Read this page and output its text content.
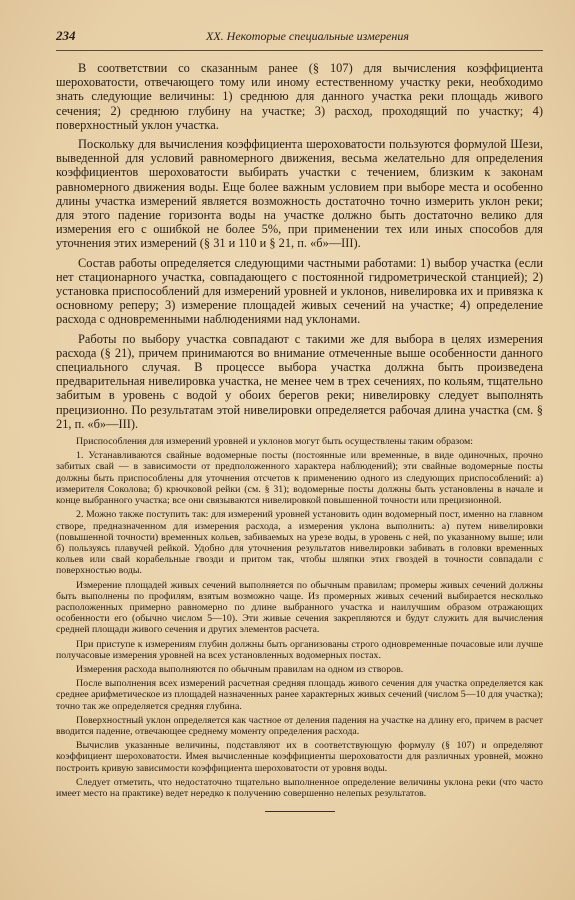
234	XX. Некоторые специальные измерения

В соответствии со сказанным ранее (§ 107) для вычисления коэффициента шероховатости, отвечающего тому или иному естественному участку реки, необходимо знать следующие величины: 1) среднюю для данного участка реки площадь живого сечения; 2) среднюю глубину на участке; 3) расход, проходящий по участку; 4) поверхностный уклон участка.

Поскольку для вычисления коэффициента шероховатости пользуются формулой Шези, выведенной для условий равномерного движения, весьма желательно для определения коэффициентов шероховатости выбирать участки с течением, близким к законам равномерного движения воды. Еще более важным условием при выборе места и особенно длины участка измерений является возможность достаточно точно измерить уклон реки; для этого падение горизонта воды на участке должно быть достаточно велико для измерения его с ошибкой не более 5%, при применении тех или иных способов для уточнения этих измерений (§ 31 и 110 и § 21, п. «б»—III).

Состав работы определяется следующими частными работами: 1) выбор участка (если нет стационарного участка, совпадающего с постоянной гидрометрической станцией); 2) установка приспособлений для измерений уровней и уклонов, нивелировка их и привязка к основному реперу; 3) измерение площадей живых сечений на участке; 4) определение расхода с одновременными наблюдениями над уклонами.

Работы по выбору участка совпадают с такими же для выбора в целях измерения расхода (§ 21), причем принимаются во внимание отмеченные выше особенности данного специального случая. В процессе выбора участка должна быть произведена предварительная нивелировка участка, не менее чем в трех сечениях, по кольям, тщательно забитым в уровень с водой у обоих берегов реки; нивелировку следует выполнять прецизионно. По результатам этой нивелировки определяется рабочая длина участка (см. § 21, п. «б»—III).

Приспособления для измерений уровней и уклонов могут быть осуществлены таким образом:

1. Устанавливаются свайные водомерные посты (постоянные или временные, в виде одиночных, прочно забитых свай — в зависимости от предположенного характера наблюдений); эти свайные водомерные посты должны быть приспособлены для уточнения отсчетов к применению одного из следующих приспособлений: а) измерителя Соколова; б) крючковой рейки (см. § 31); водомерные посты должны быть установлены в начале и конце выбранного участка; все они связываются нивелировкой повышенной точности или прецизионной.

2. Можно также поступить так: для измерений уровней установить один водомерный пост, именно на главном створе, предназначенном для измерения расхода, а измерения уклона выполнить: а) путем нивелировки (повышенной точности) временных кольев, забиваемых на урезе воды, в уровень с ней, по указанному выше; или б) пользуясь плавучей рейкой. Удобно для уточнения результатов нивелировки забивать в головки временных кольев или свай корабельные гвозди и притом так, чтобы шляпки этих гвоздей в точности совпадали с поверхностью воды.

Измерение площадей живых сечений выполняется по обычным правилам; промеры живых сечений должны быть выполнены по профилям, взятым возможно чаще. Из промерных живых сечений выбирается несколько расположенных примерно равномерно по длине выбранного участка и наилучшим образом отражающих особенности его (обычно числом 5—10). Эти живые сечения закрепляются и будут служить для вычисления средней площади живого сечения и других элементов расчета.

При приступе к измерениям глубин должны быть организованы строго одновременные почасовые или лучше получасовые измерения уровней на всех установленных водомерных постах.

Измерения расхода выполняются по обычным правилам на одном из створов.

После выполнения всех измерений расчетная средняя площадь живого сечения для участка определяется как среднее арифметическое из площадей назначенных ранее характерных живых сечений (числом 5—10 для участка); точно так же определяется средняя глубина.

Поверхностный уклон определяется как частное от деления падения на участке на длину его, причем в расчет вводится падение, отвечающее среднему моменту определения расхода.

Вычислив указанные величины, подставляют их в соответствующую формулу (§ 107) и определяют коэффициент шероховатости. Имея вычисленные коэффициенты шероховатости для различных уровней, можно построить кривую зависимости коэффициента шероховатости от уровня воды.

Следует отметить, что недостаточно тщательно выполненное определение величины уклона реки (что часто имеет место на практике) ведет нередко к получению совершенно нелепых результатов.
